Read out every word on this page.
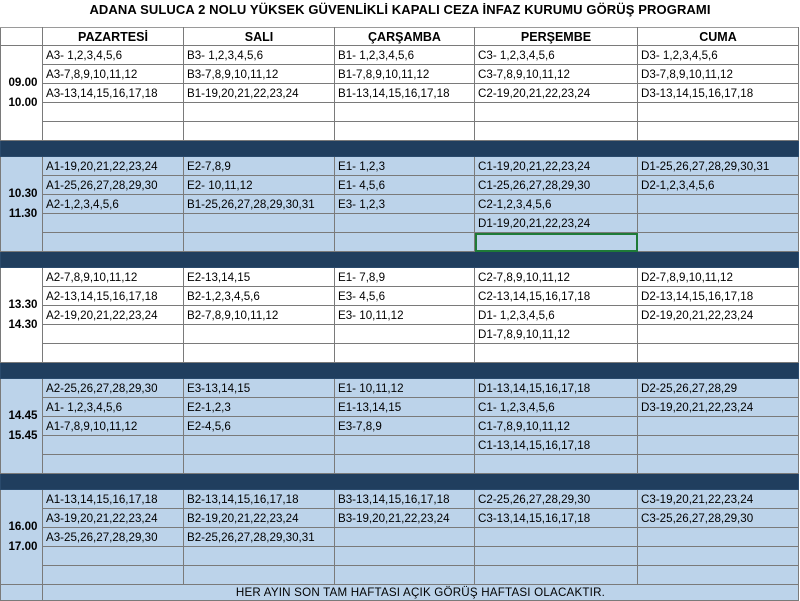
ADANA SULUCA 2 NOLU YÜKSEK GÜVENLİKLİ KAPALI CEZA İNFAZ KURUMU GÖRÜŞ PROGRAMI
	PAZARTESİ	SALI	ÇARŞAMBA	PERŞEMBE	CUMA

09.00
10.00	A3- 1,2,3,4,5,6	B3- 1,2,3,4,5,6	B1- 1,2,3,4,5,6	C3- 1,2,3,4,5,6	D3- 1,2,3,4,5,6
	A3-7,8,9,10,11,12	B3-7,8,9,10,11,12	B1-7,8,9,10,11,12	C3-7,8,9,10,11,12	D3-7,8,9,10,11,12
	A3-13,14,15,16,17,18	B1-19,20,21,22,23,24	B1-13,14,15,16,17,18	C2-19,20,21,22,23,24	D3-13,14,15,16,17,18

10.30
11.30	A1-19,20,21,22,23,24	E2-7,8,9	E1- 1,2,3	C1-19,20,21,22,23,24	D1-25,26,27,28,29,30,31
	A1-25,26,27,28,29,30	E2- 10,11,12	E1- 4,5,6	C1-25,26,27,28,29,30	D2-1,2,3,4,5,6
	A2-1,2,3,4,5,6	B1-25,26,27,28,29,30,31	E3- 1,2,3	C2-1,2,3,4,5,6	
				D1-19,20,21,22,23,24	

13.30
14.30	A2-7,8,9,10,11,12	E2-13,14,15	E1- 7,8,9	C2-7,8,9,10,11,12	D2-7,8,9,10,11,12
	A2-13,14,15,16,17,18	B2-1,2,3,4,5,6	E3- 4,5,6	C2-13,14,15,16,17,18	D2-13,14,15,16,17,18
	A2-19,20,21,22,23,24	B2-7,8,9,10,11,12	E3- 10,11,12	D1- 1,2,3,4,5,6	D2-19,20,21,22,23,24
				D1-7,8,9,10,11,12	

14.45
15.45	A2-25,26,27,28,29,30	E3-13,14,15	E1- 10,11,12	D1-13,14,15,16,17,18	D2-25,26,27,28,29
	A1- 1,2,3,4,5,6	E2-1,2,3	E1-13,14,15	C1- 1,2,3,4,5,6	D3-19,20,21,22,23,24
	A1-7,8,9,10,11,12	E2-4,5,6	E3-7,8,9	C1-7,8,9,10,11,12	
				C1-13,14,15,16,17,18	

16.00
17.00	A1-13,14,15,16,17,18	B2-13,14,15,16,17,18	B3-13,14,15,16,17,18	C2-25,26,27,28,29,30	C3-19,20,21,22,23,24
	A3-19,20,21,22,23,24	B2-19,20,21,22,23,24	B3-19,20,21,22,23,24	C3-13,14,15,16,17,18	C3-25,26,27,28,29,30
	A3-25,26,27,28,29,30	B2-25,26,27,28,29,30,31			

	HER AYIN SON TAM HAFTASI AÇIK GÖRÜŞ HAFTASI OLACAKTIR.				
